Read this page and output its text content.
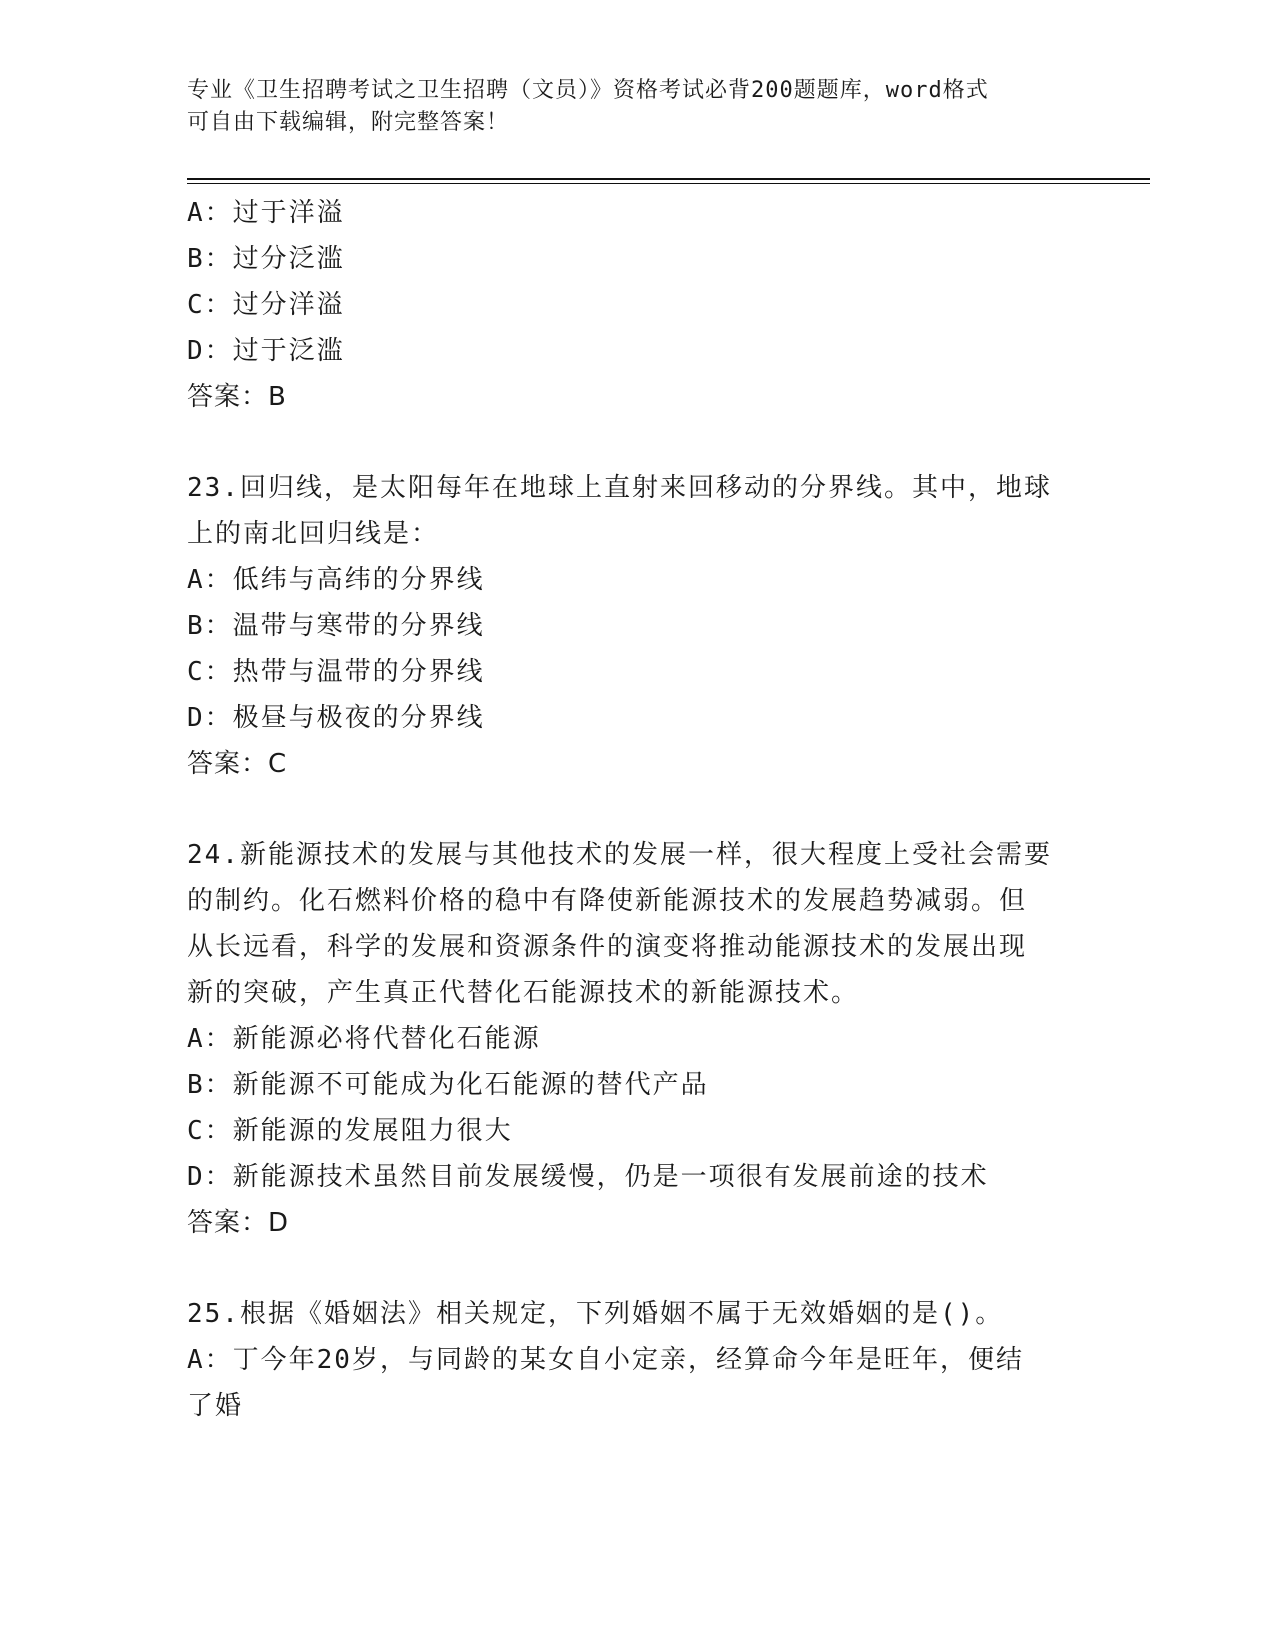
专业《卫生招聘考试之卫生招聘（文员）》资格考试必背200题题库，word格式
可自由下载编辑，附完整答案！
A：过于洋溢
B：过分泛滥
C：过分洋溢
D：过于泛滥
答案：B
23.回归线，是太阳每年在地球上直射来回移动的分界线。其中，地球
上的南北回归线是：
A：低纬与高纬的分界线
B：温带与寒带的分界线
C：热带与温带的分界线
D：极昼与极夜的分界线
答案：C
24.新能源技术的发展与其他技术的发展一样，很大程度上受社会需要
的制约。化石燃料价格的稳中有降使新能源技术的发展趋势减弱。但
从长远看，科学的发展和资源条件的演变将推动能源技术的发展出现
新的突破，产生真正代替化石能源技术的新能源技术。
A：新能源必将代替化石能源
B：新能源不可能成为化石能源的替代产品
C：新能源的发展阻力很大
D：新能源技术虽然目前发展缓慢，仍是一项很有发展前途的技术
答案：D
25.根据《婚姻法》相关规定，下列婚姻不属于无效婚姻的是()。
A：丁今年20岁，与同龄的某女自小定亲，经算命今年是旺年，便结
了婚
